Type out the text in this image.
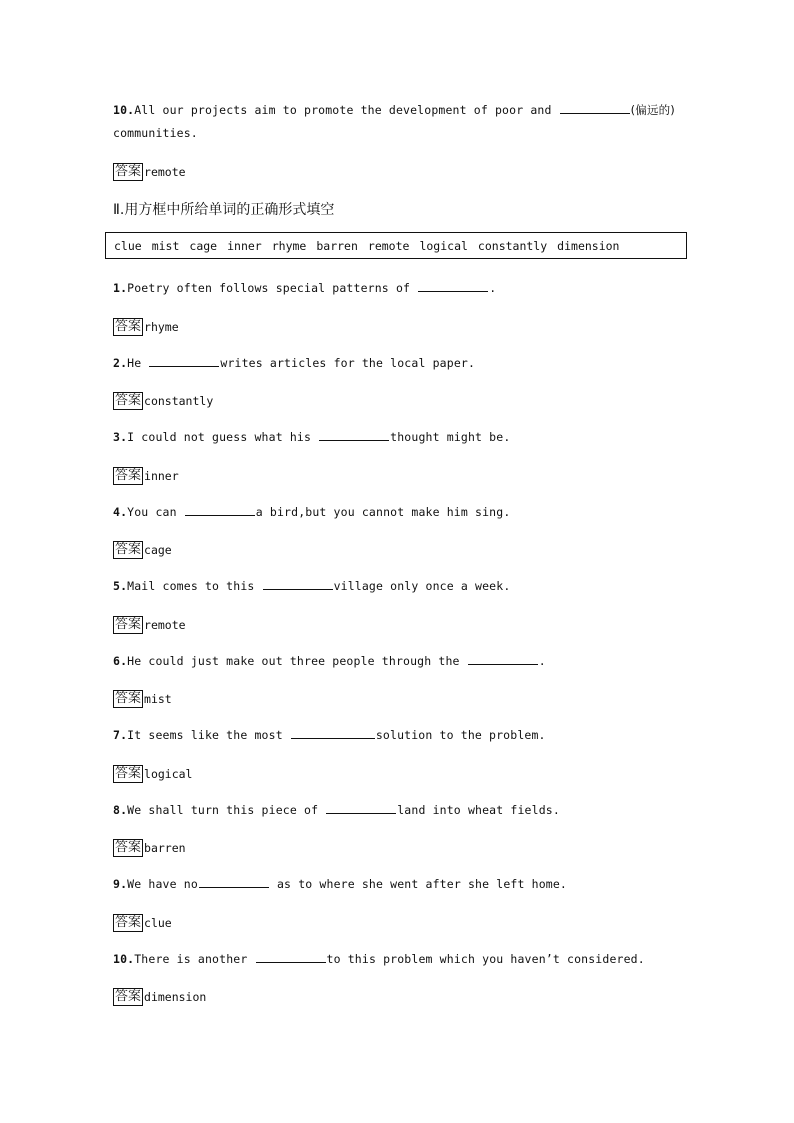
10.All our projects aim to promote the development of poor and	(偏远的)
communities.
答案 remote
Ⅱ.用方框中所给单词的正确形式填空
clue mist cage inner rhyme barren remote logical constantly dimension
1.Poetry often follows special patterns of	.
答案 rhyme
2.He	writes articles for the local paper.
答案 constantly
3.I could not guess what his	thought might be.
答案 inner
4.You can	a bird,but you cannot make him sing.
答案 cage
5.Mail comes to this	village only once a week.
答案 remote
6.He could just make out three people through the	.
答案 mist
7.It seems like the most	solution to the problem.
答案 logical
8.We shall turn this piece of	land into wheat fields.
答案 barren
9.We have no	as to where she went after she left home.
答案 clue
10.There is another	to this problem which you haven’t considered.
答案 dimension
